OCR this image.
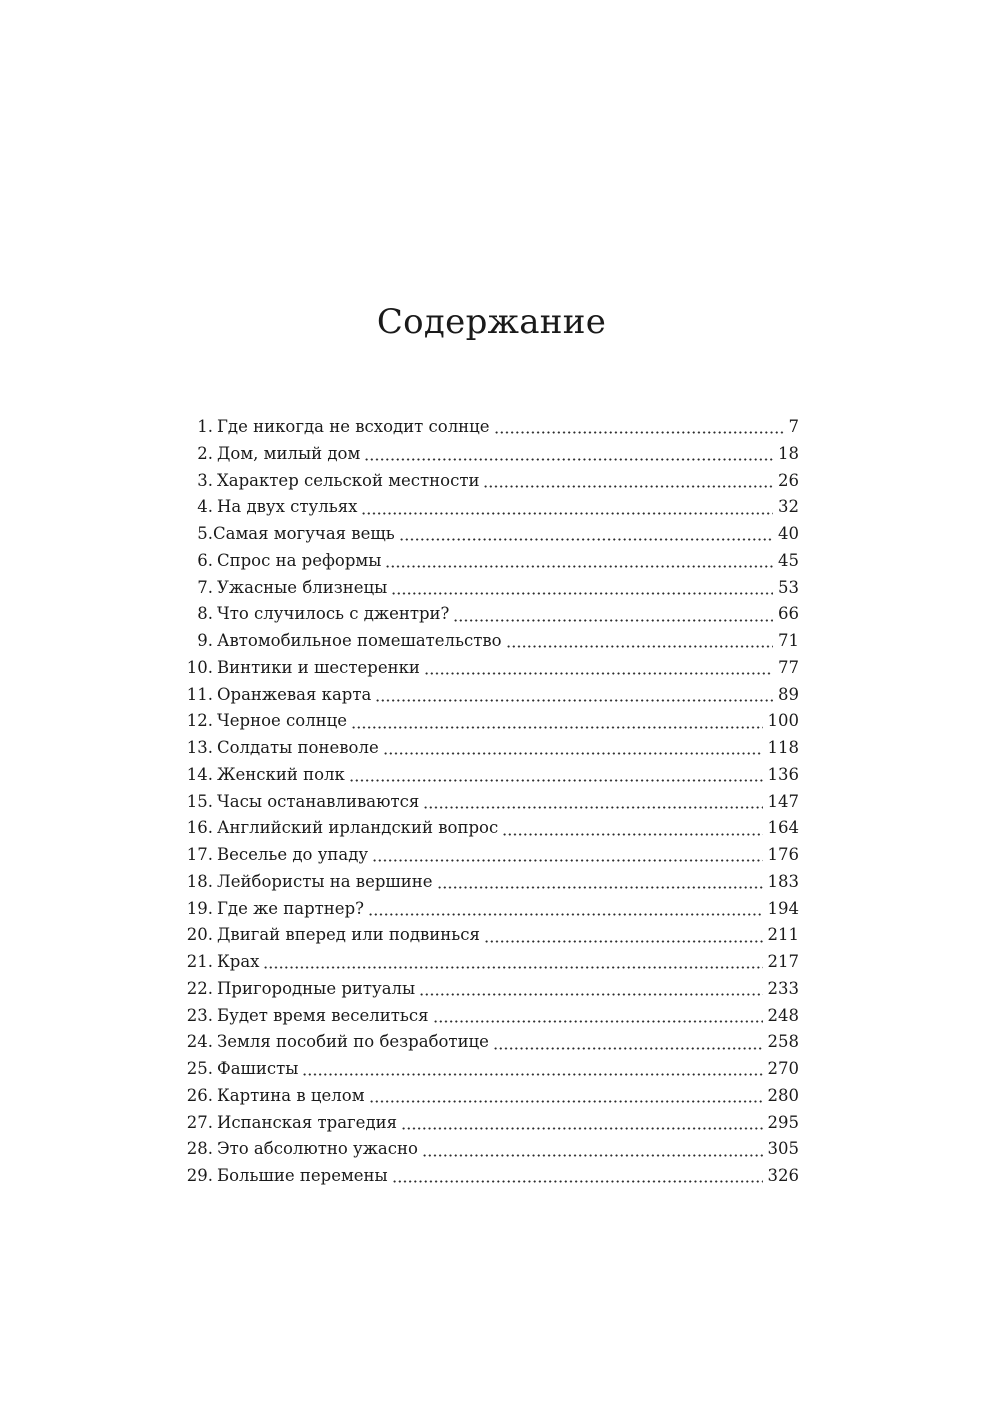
Содержание
1. Где никогда не всходит солнце	7
2. Дом, милый дом	18
3. Характер сельской местности	26
4. На двух стульях	32
5. Самая могучая вещь	40
6. Спрос на реформы	45
7. Ужасные близнецы	53
8. Что случилось с джентри?	66
9. Автомобильное помешательство	71
10. Винтики и шестеренки	77
11. Оранжевая карта	89
12. Черное солнце	100
13. Солдаты поневоле	118
14. Женский полк	136
15. Часы останавливаются	147
16. Английский ирландский вопрос	164
17. Веселье до упаду	176
18. Лейбористы на вершине	183
19. Где же партнер?	194
20. Двигай вперед или подвинься	211
21. Крах	217
22. Пригородные ритуалы	233
23. Будет время веселиться	248
24. Земля пособий по безработице	258
25. Фашисты	270
26. Картина в целом	280
27. Испанская трагедия	295
28. Это абсолютно ужасно	305
29. Большие перемены	326
